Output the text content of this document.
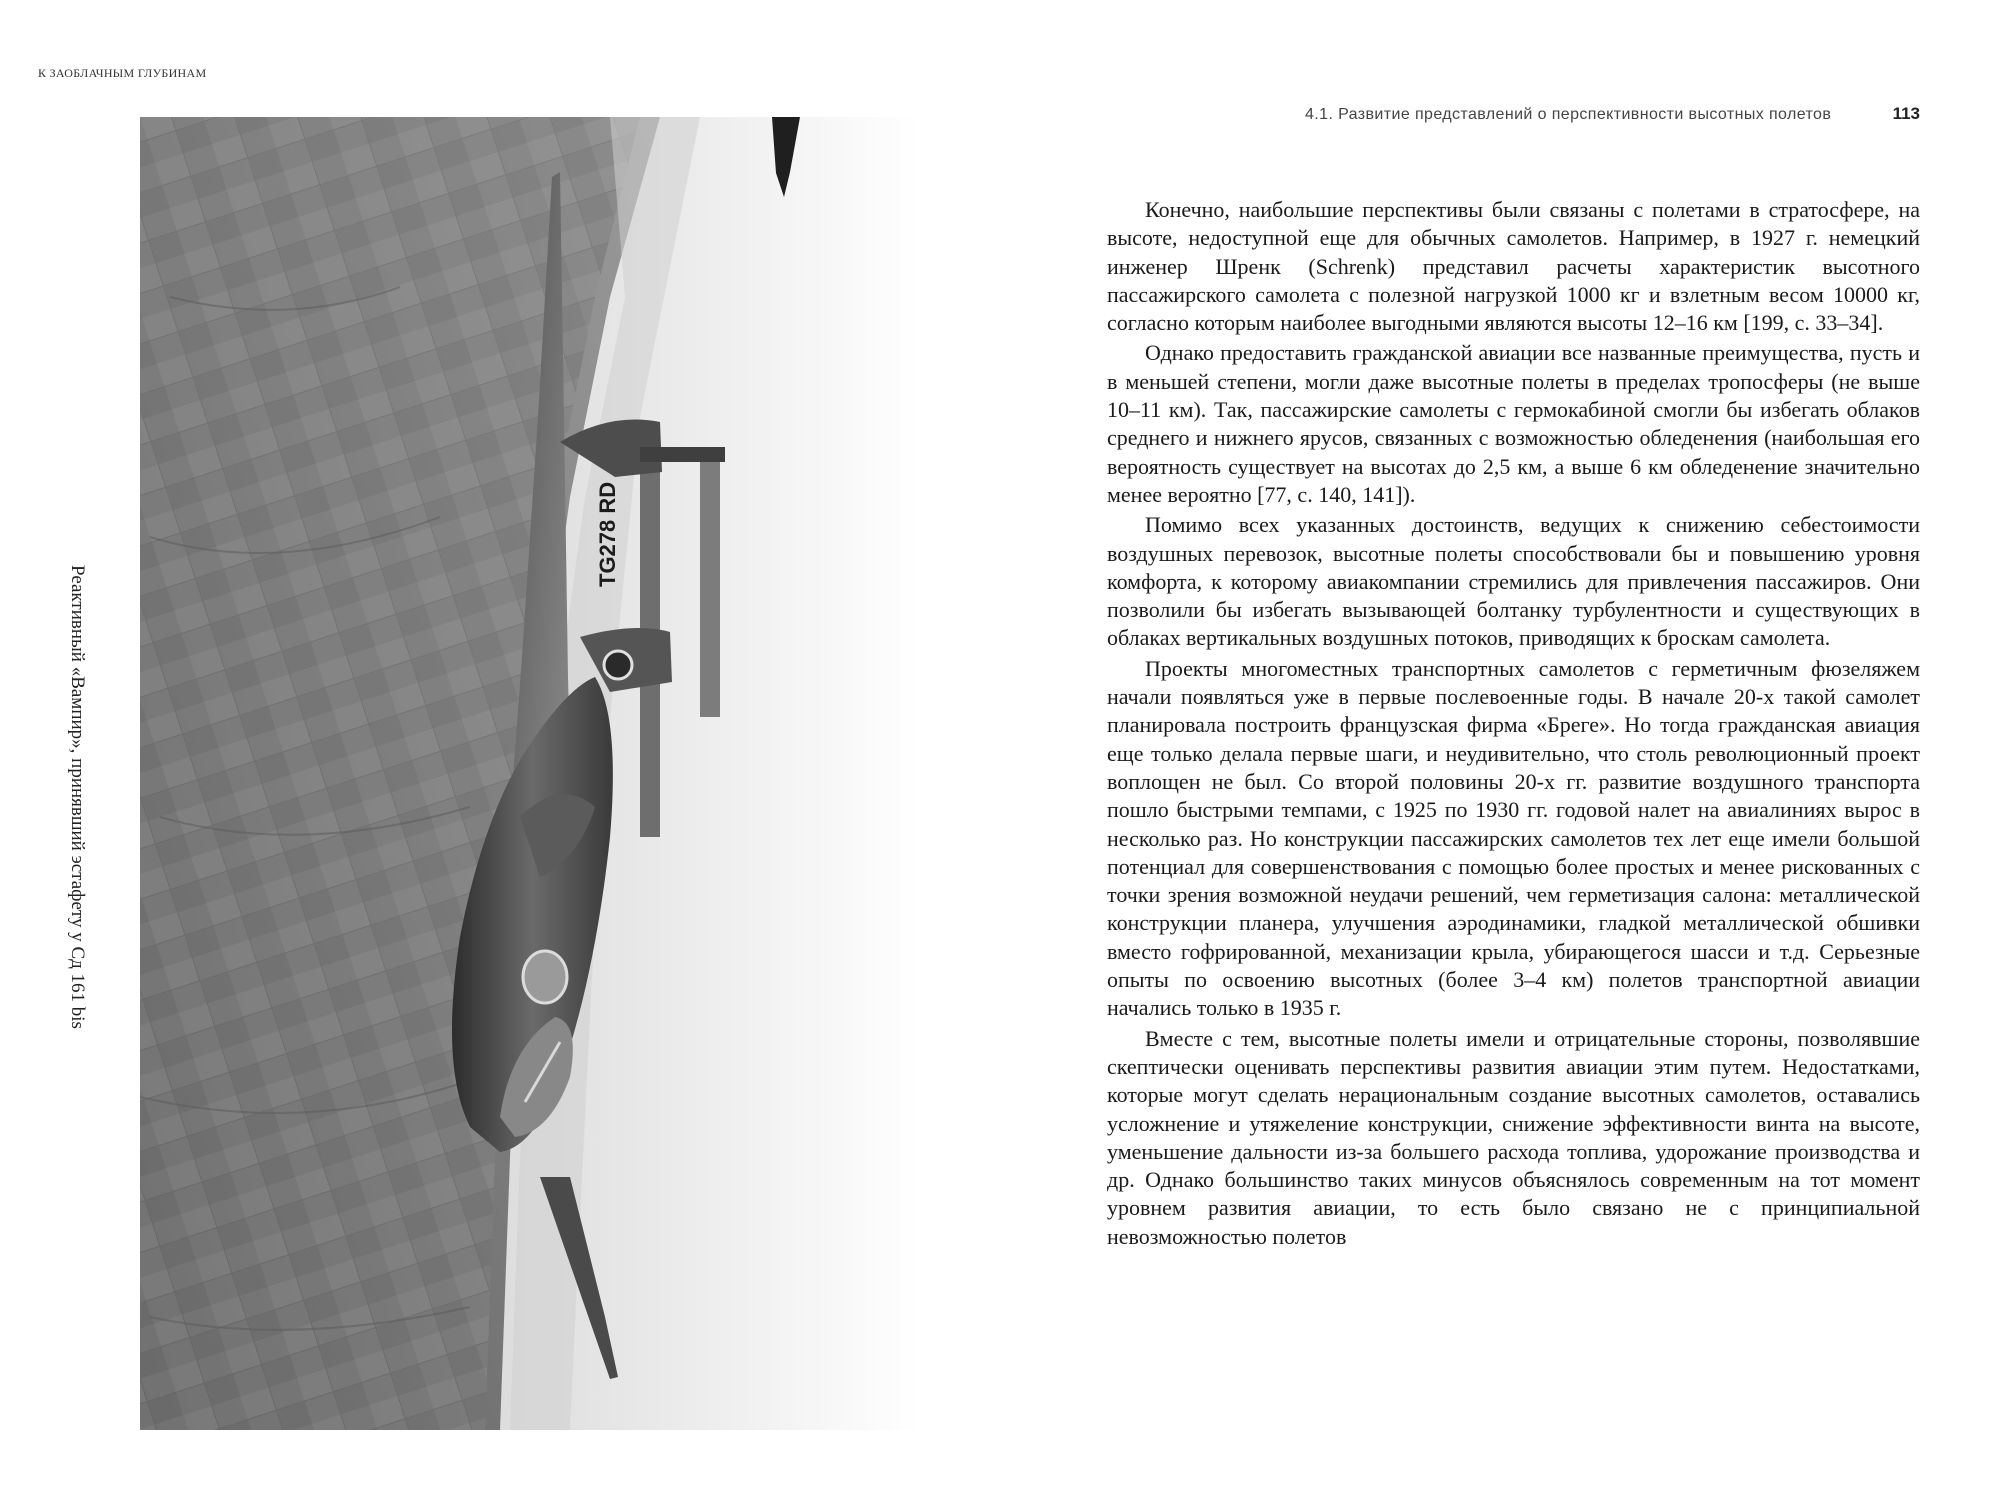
К ЗАОБЛАЧНЫМ ГЛУБИНАМ
TG278 RD
Реактивный «Вампир», принявший эстафету у Сд 161 bis
4.1. Развитие представлений о перспективности высотных полетов	113

Конечно, наибольшие перспективы были связаны с полетами в стратосфере, на высоте, недоступной еще для обычных самолетов. Например, в 1927 г. немецкий инженер Шренк (Schrenk) представил расчеты характеристик высотного пассажирского самолета с полезной нагрузкой 1000 кг и взлетным весом 10000 кг, согласно которым наиболее выгодными являются высоты 12–16 км [199, с. 33–34].

Однако предоставить гражданской авиации все названные преимущества, пусть и в меньшей степени, могли даже высотные полеты в пределах тропосферы (не выше 10–11 км). Так, пассажирские самолеты с гермокабиной смогли бы избегать облаков среднего и нижнего ярусов, связанных с возможностью обледенения (наибольшая его вероятность существует на высотах до 2,5 км, а выше 6 км обледенение значительно менее вероятно [77, с. 140, 141]).

Помимо всех указанных достоинств, ведущих к снижению себестоимости воздушных перевозок, высотные полеты способствовали бы и повышению уровня комфорта, к которому авиакомпании стремились для привлечения пассажиров. Они позволили бы избегать вызывающей болтанку турбулентности и существующих в облаках вертикальных воздушных потоков, приводящих к броскам самолета.

Проекты многоместных транспортных самолетов с герметичным фюзеляжем начали появляться уже в первые послевоенные годы. В начале 20-х такой самолет планировала построить французская фирма «Бреге». Но тогда гражданская авиация еще только делала первые шаги, и неудивительно, что столь революционный проект воплощен не был. Со второй половины 20-х гг. развитие воздушного транспорта пошло быстрыми темпами, с 1925 по 1930 гг. годовой налет на авиалиниях вырос в несколько раз. Но конструкции пассажирских самолетов тех лет еще имели большой потенциал для совершенствования с помощью более простых и менее рискованных с точки зрения возможной неудачи решений, чем герметизация салона: металлической конструкции планера, улучшения аэродинамики, гладкой металлической обшивки вместо гофрированной, механизации крыла, убирающегося шасси и т.д. Серьезные опыты по освоению высотных (более 3–4 км) полетов транспортной авиации начались только в 1935 г.

Вместе с тем, высотные полеты имели и отрицательные стороны, позволявшие скептически оценивать перспективы развития авиации этим путем. Недостатками, которые могут сделать нерациональным создание высотных самолетов, оставались усложнение и утяжеление конструкции, снижение эффективности винта на высоте, уменьшение дальности из-за большего расхода топлива, удорожание производства и др. Однако большинство таких минусов объяснялось современным на тот момент уровнем развития авиации, то есть было связано не с принципиальной невозможностью полетов
